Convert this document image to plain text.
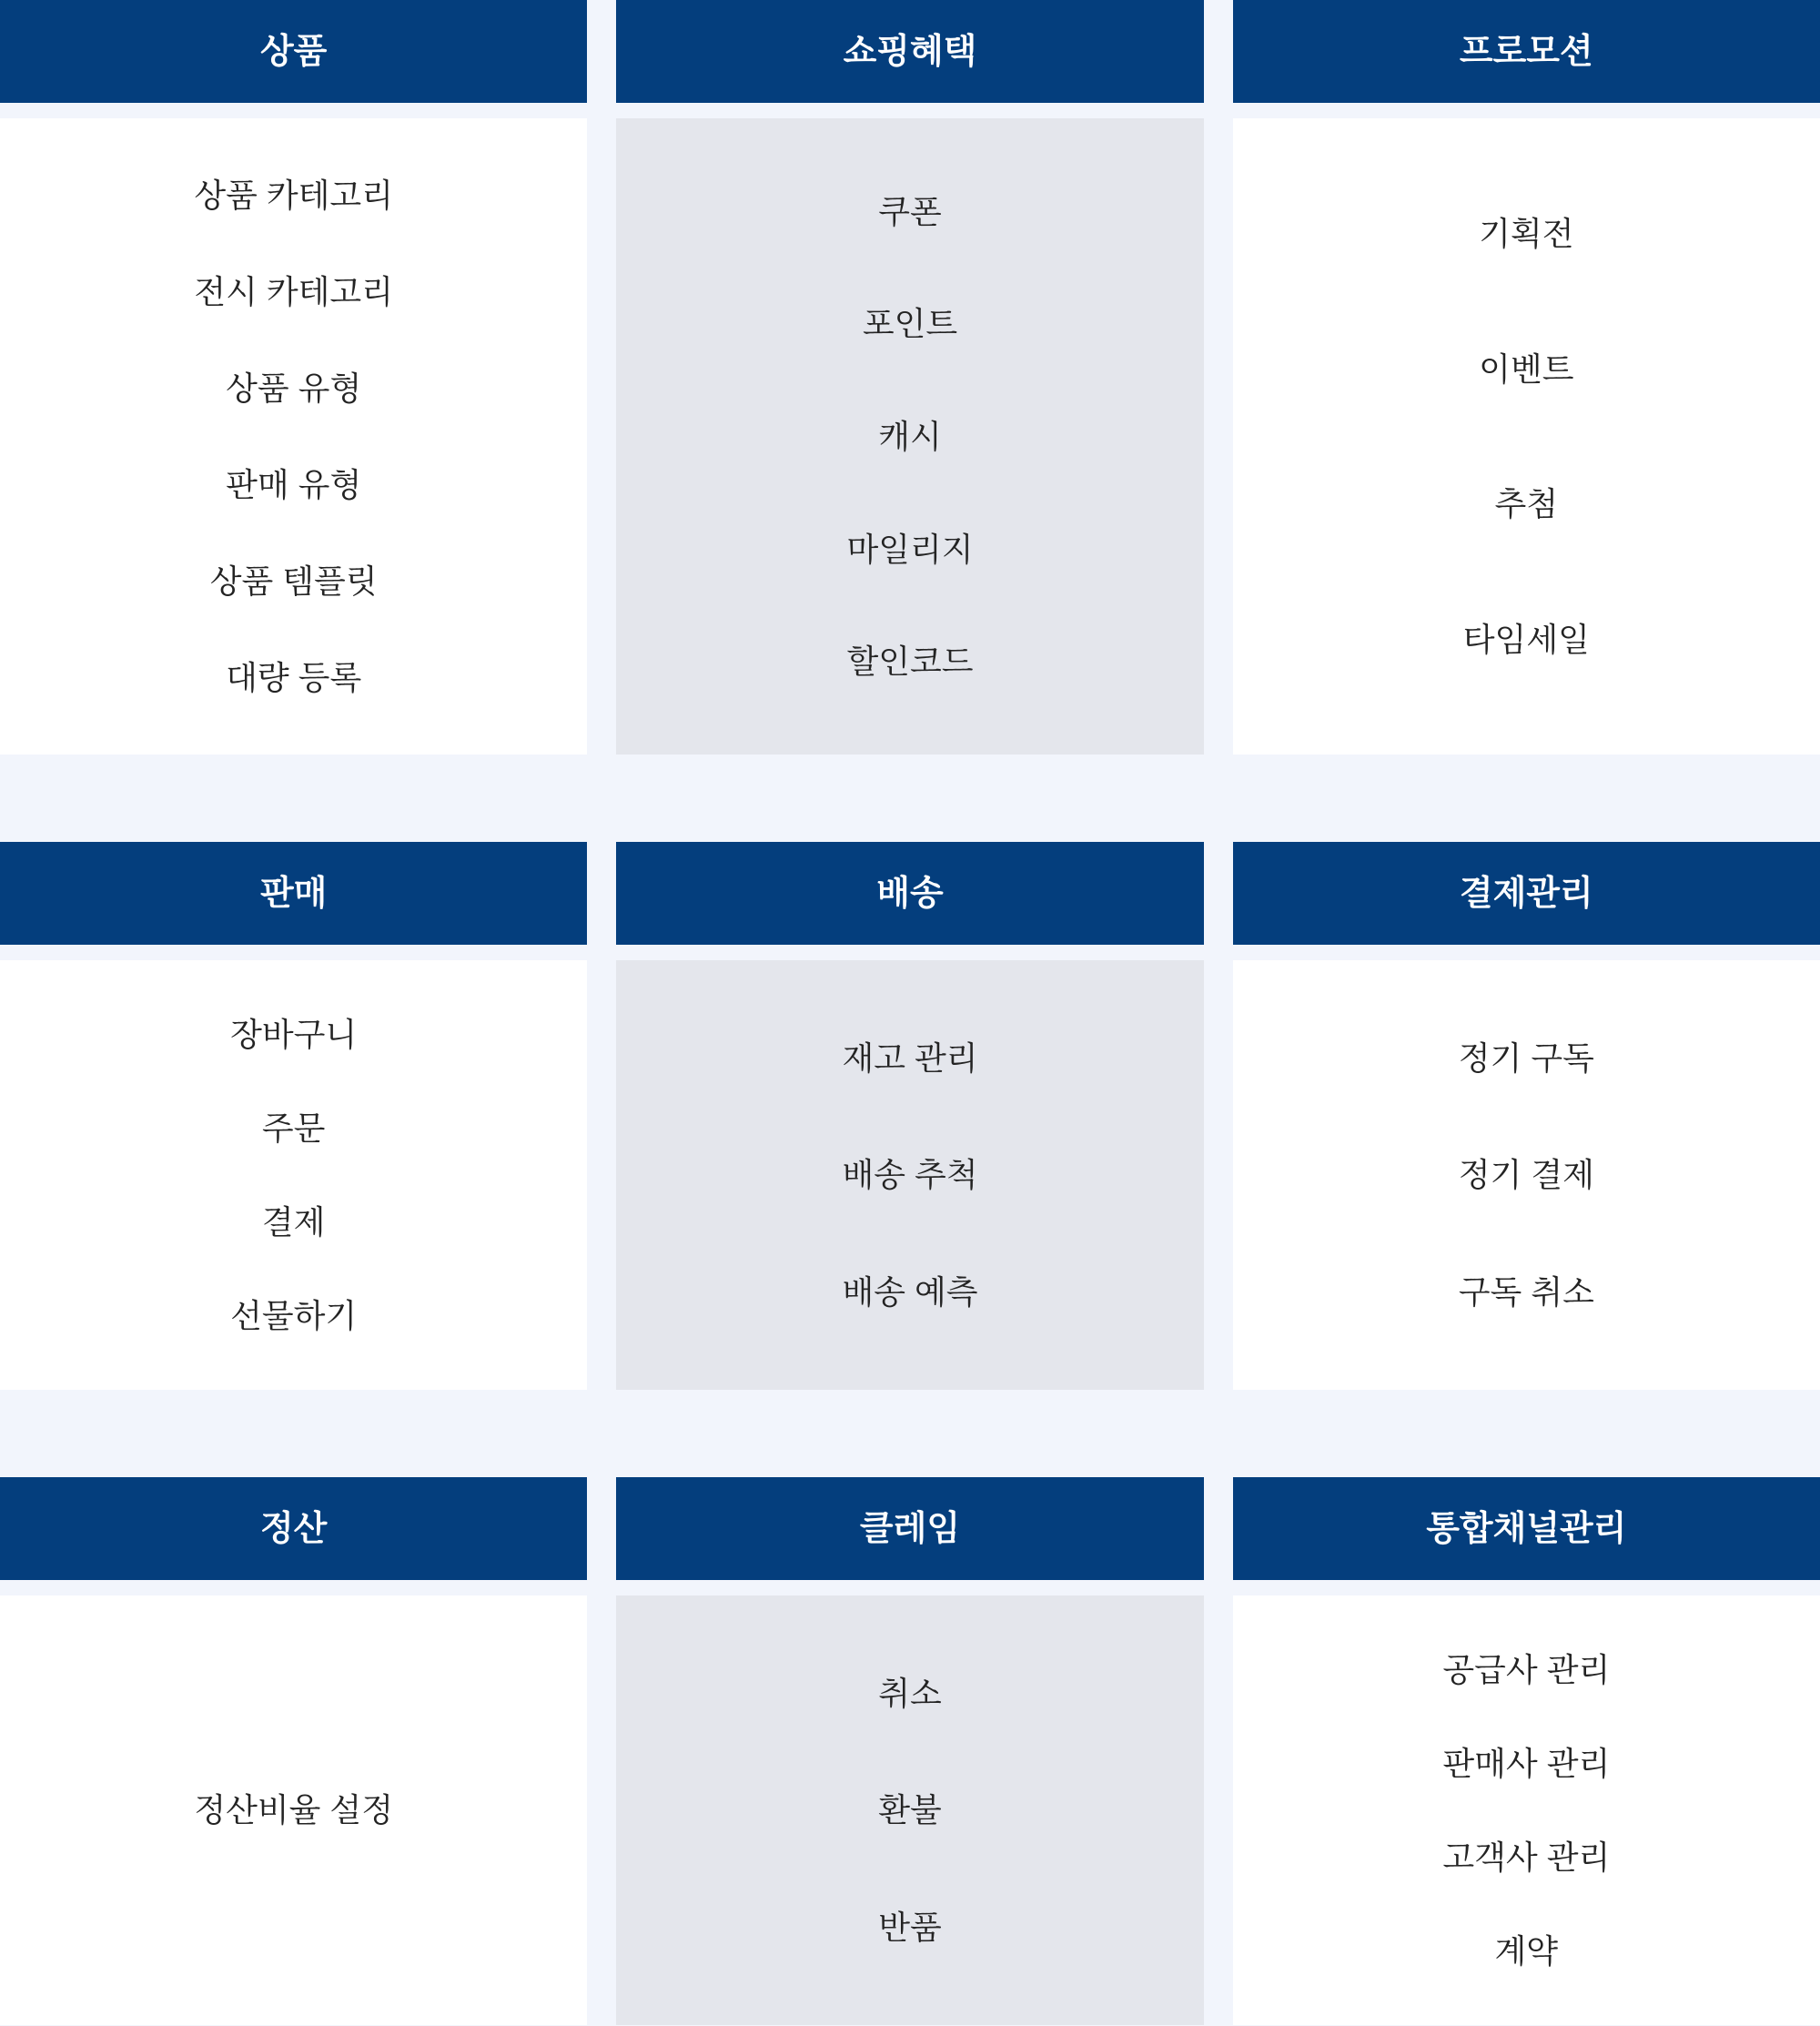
상품
상품 카테고리
전시 카테고리
상품 유형
판매 유형
상품 템플릿
대량 등록
쇼핑혜택
쿠폰
포인트
캐시
마일리지
할인코드
프로모션
기획전
이벤트
추첨
타임세일
판매
장바구니
주문
결제
선물하기
배송
재고 관리
배송 추척
배송 예측
결제관리
정기 구독
정기 결제
구독 취소
정산
정산비율 설정
클레임
취소
환불
반품
통합채널관리
공급사 관리
판매사 관리
고객사 관리
계약
